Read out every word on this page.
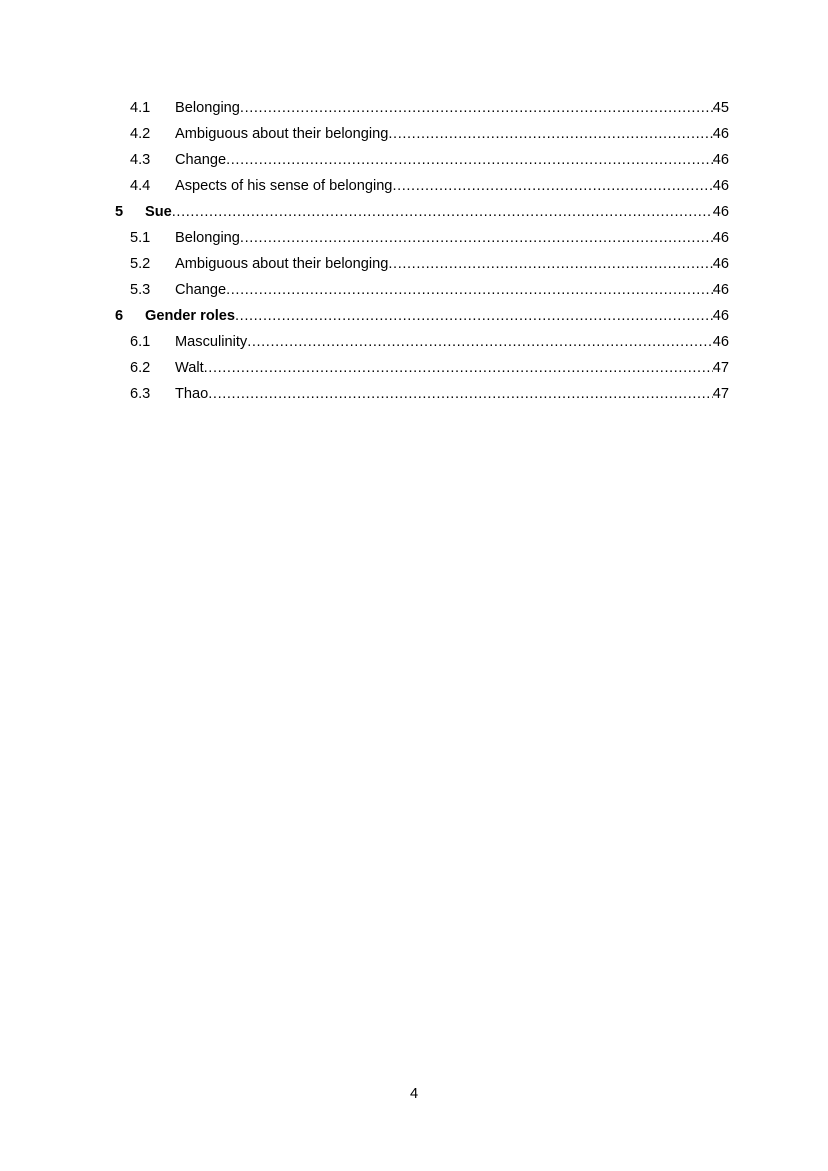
4.1 Belonging .....	45
4.2 Ambiguous about their belonging .....	46
4.3 Change .....	46
4.4 Aspects of his sense of belonging .....	46
5 Sue .....	46
5.1 Belonging .....	46
5.2 Ambiguous about their belonging .....	46
5.3 Change .....	46
6 Gender roles .....	46
6.1 Masculinity .....	46
6.2 Walt .....	47
6.3 Thao .....	47
4
